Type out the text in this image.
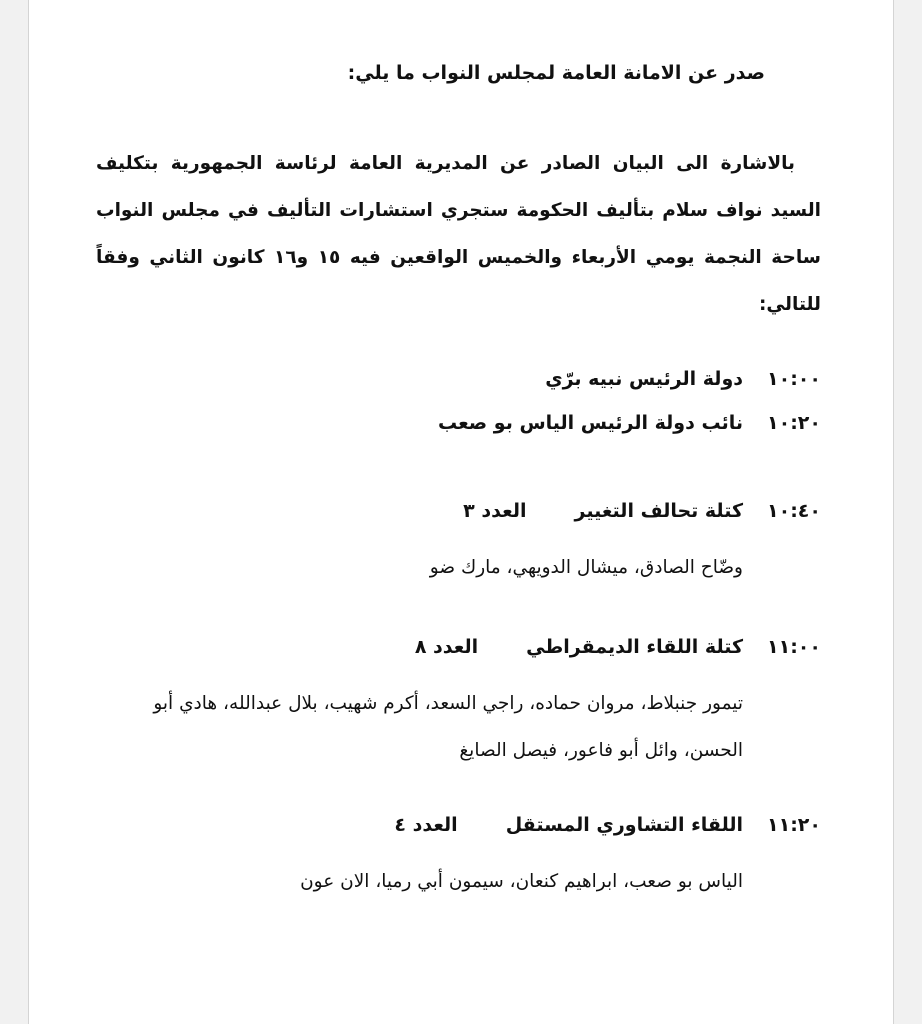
صدر عن الامانة العامة لمجلس النواب ما يلي:
بالاشارة الى البيان الصادر عن المديرية العامة لرئاسة الجمهورية بتكليف السيد نواف سلام بتأليف الحكومة ستجري استشارات التأليف في مجلس النواب ساحة النجمة يومي الأربعاء والخميس الواقعين فيه ١٥ و١٦ كانون الثاني وفقاً للتالي:
١٠:٠٠
دولة الرئيس نبيه برّي
١٠:٢٠
نائب دولة الرئيس الياس بو صعب
١٠:٤٠
كتلة تحالف التغيير
العدد ٣
وضّاح الصادق، ميشال الدويهي، مارك ضو
١١:٠٠
كتلة اللقاء الديمقراطي
العدد ٨
تيمور جنبلاط، مروان حماده، راجي السعد، أكرم شهيب، بلال عبدالله، هادي أبو الحسن، وائل أبو فاعور، فيصل الصايغ
١١:٢٠
اللقاء التشاوري المستقل
العدد ٤
الياس بو صعب، ابراهيم كنعان، سيمون أبي رميا، الان عون
